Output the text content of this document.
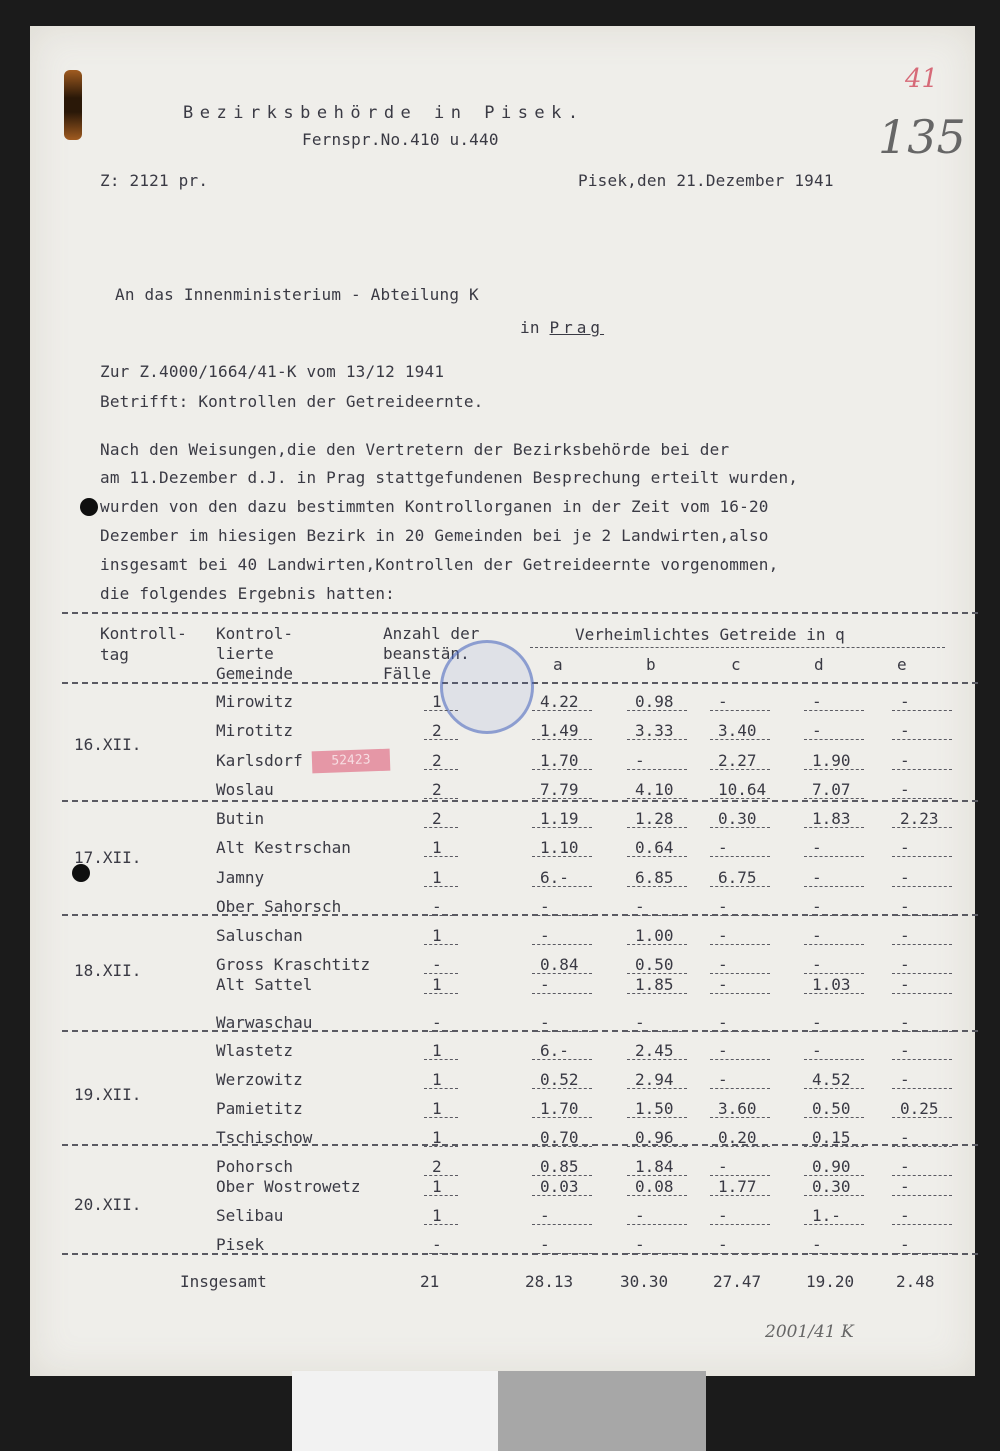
Bezirksbehörde in Pisek.
Fernspr.No.410 u.440
Z: 2121 pr.	Pisek,den 21.Dezember 1941
41
135
An das Innenministerium - Abteilung K
in Prag
Zur Z.4000/1664/41-K vom 13/12 1941
Betrifft: Kontrollen der Getreideernte.
Nach den Weisungen,die den Vertretern der Bezirksbehörde bei der
am 11.Dezember d.J. in Prag stattgefundenen Besprechung erteilt wurden,
wurden von den dazu bestimmten Kontrollorganen in der Zeit vom 16-20
Dezember im hiesigen Bezirk in 20 Gemeinden bei je 2 Landwirten,also
insgesamt bei 40 Landwirten,Kontrollen der Getreideernte vorgenommen,
die folgendes Ergebnis hatten:
Kontroll-
tag
Kontrol-
lierte
Gemeinde
Anzahl der
beanstän.
Fälle
Verheimlichtes Getreide in q
a	b	c	d	e
52423
16.XII.
Mirowitz	1	4.22	0.98	-	-	-
Mirotitz	2	1.49	3.33	3.40	-	-
Karlsdorf	2	1.70	-	2.27	1.90	-
Woslau	2	7.79	4.10	10.64	7.07	-
17.XII.
Butin	2	1.19	1.28	0.30	1.83	2.23
Alt Kestrschan	1	1.10	0.64	-	-	-
Jamny	1	6.-	6.85	6.75	-	-
Ober Sahorsch	-	-	-	-	-	-
18.XII.
Saluschan	1	-	1.00	-	-	-
Gross Kraschtitz	-	0.84	0.50	-	-	-
Alt Sattel	1	-	1.85	-	1.03	-
Warwaschau	-	-	-	-	-	-
19.XII.
Wlastetz	1	6.-	2.45	-	-	-
Werzowitz	1	0.52	2.94	-	4.52	-
Pamietitz	1	1.70	1.50	3.60	0.50	0.25
Tschischow	1	0.70	0.96	0.20	0.15	-
20.XII.
Pohorsch	2	0.85	1.84	-	0.90	-
Ober Wostrowetz	1	0.03	0.08	1.77	0.30	-
Selibau	1	-	-	-	1.-	-
Pisek	-	-	-	-	-	-
Insgesamt	21	28.13	30.30	27.47	19.20	2.48
2001/41 K
